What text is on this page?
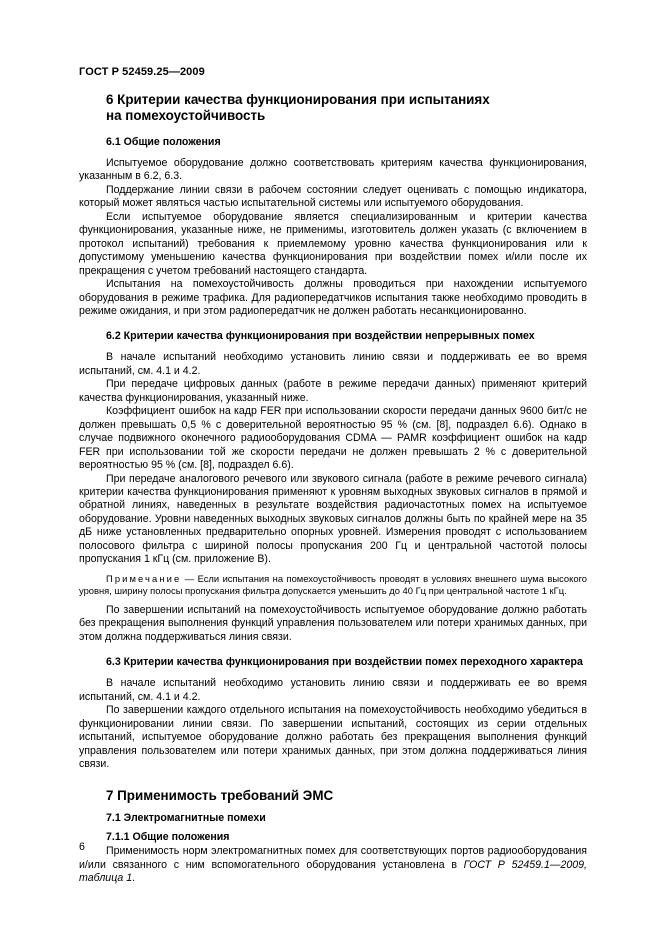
ГОСТ Р 52459.25—2009
6 Критерии качества функционирования при испытаниях
на помехоустойчивость
6.1 Общие положения

Испытуемое оборудование должно соответствовать критериям качества функционирования, указанным в 6.2, 6.3.

Поддержание линии связи в рабочем состоянии следует оценивать с помощью индикатора, который может являться частью испытательной системы или испытуемого оборудования.

Если испытуемое оборудование является специализированным и критерии качества функционирования, указанные ниже, не применимы, изготовитель должен указать (с включением в протокол испытаний) требования к приемлемому уровню качества функционирования или к допустимому уменьшению качества функционирования при воздействии помех и/или после их прекращения с учетом требований настоящего стандарта.

Испытания на помехоустойчивость должны проводиться при нахождении испытуемого оборудования в режиме трафика. Для радиопередатчиков испытания также необходимо проводить в режиме ожидания, и при этом радиопередатчик не должен работать несанкционированно.

6.2 Критерии качества функционирования при воздействии непрерывных помех

В начале испытаний необходимо установить линию связи и поддерживать ее во время испытаний, см. 4.1 и 4.2.

При передаче цифровых данных (работе в режиме передачи данных) применяют критерий качества функционирования, указанный ниже.

Коэффициент ошибок на кадр FER при использовании скорости передачи данных 9600 бит/с не должен превышать 0,5 % с доверительной вероятностью 95 % (см. [8], подраздел 6.6). Однако в случае подвижного оконечного радиооборудования CDMA — PAMR коэффициент ошибок на кадр FER при использовании той же скорости передачи не должен превышать 2 % с доверительной вероятностью 95 % (см. [8], подраздел 6.6).

При передаче аналогового речевого или звукового сигнала (работе в режиме речевого сигнала) критерии качества функционирования применяют к уровням выходных звуковых сигналов в прямой и обратной линиях, наведенных в результате воздействия радиочастотных помех на испытуемое оборудование. Уровни наведенных выходных звуковых сигналов должны быть по крайней мере на 35 дБ ниже установленных предварительно опорных уровней. Измерения проводят с использованием полосового фильтра с шириной полосы пропускания 200 Гц и центральной частотой полосы пропускания 1 кГц (см. приложение В).

Примечание — Если испытания на помехоустойчивость проводят в условиях внешнего шума высокого уровня, ширину полосы пропускания фильтра допускается уменьшить до 40 Гц при центральной частоте 1 кГц.

По завершении испытаний на помехоустойчивость испытуемое оборудование должно работать без прекращения выполнения функций управления пользователем или потери хранимых данных, при этом должна поддерживаться линия связи.

6.3 Критерии качества функционирования при воздействии помех переходного характера

В начале испытаний необходимо установить линию связи и поддерживать ее во время испытаний, см. 4.1 и 4.2.

По завершении каждого отдельного испытания на помехоустойчивость необходимо убедиться в функционировании линии связи. По завершении испытаний, состоящих из серии отдельных испытаний, испытуемое оборудование должно работать без прекращения выполнения функций управления пользователем или потери хранимых данных, при этом должна поддерживаться линия связи.

7 Применимость требований ЭМС
7.1 Электромагнитные помехи
7.1.1 Общие положения

Применимость норм электромагнитных помех для соответствующих портов радиооборудования и/или связанного с ним вспомогательного оборудования установлена в ГОСТ Р 52459.1—2009, таблица 1.

6
